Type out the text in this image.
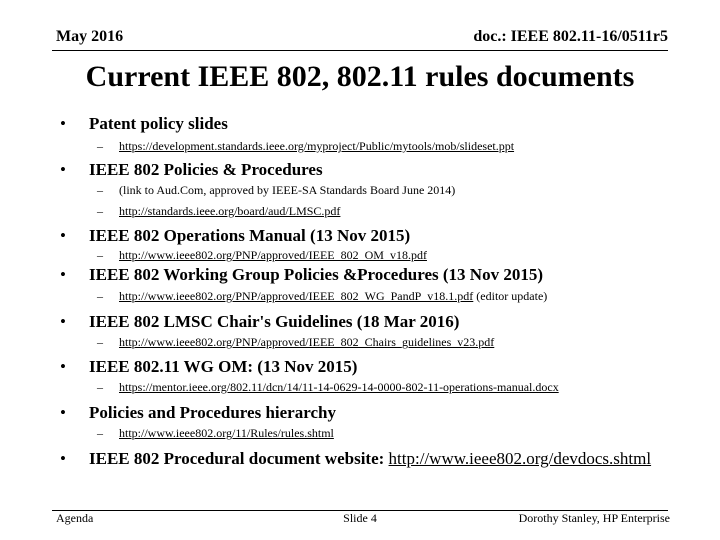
May 2016	doc.: IEEE 802.11-16/0511r5
Current IEEE 802, 802.11 rules documents
• Patent policy slides
– https://development.standards.ieee.org/myproject/Public/mytools/mob/slideset.ppt
• IEEE 802 Policies & Procedures
– (link to Aud.Com, approved by IEEE-SA Standards Board June 2014)
– http://standards.ieee.org/board/aud/LMSC.pdf
• IEEE 802 Operations Manual (13 Nov 2015)
– http://www.ieee802.org/PNP/approved/IEEE_802_OM_v18.pdf
• IEEE 802 Working Group Policies &Procedures (13 Nov 2015)
– http://www.ieee802.org/PNP/approved/IEEE_802_WG_PandP_v18.1.pdf (editor update)
• IEEE 802 LMSC Chair's Guidelines (18 Mar 2016)
– http://www.ieee802.org/PNP/approved/IEEE_802_Chairs_guidelines_v23.pdf
• IEEE 802.11 WG OM: (13 Nov 2015)
– https://mentor.ieee.org/802.11/dcn/14/11-14-0629-14-0000-802-11-operations-manual.docx
• Policies and Procedures hierarchy
– http://www.ieee802.org/11/Rules/rules.shtml
• IEEE 802 Procedural document website: http://www.ieee802.org/devdocs.shtml
Agenda	Slide 4	Dorothy Stanley, HP Enterprise
